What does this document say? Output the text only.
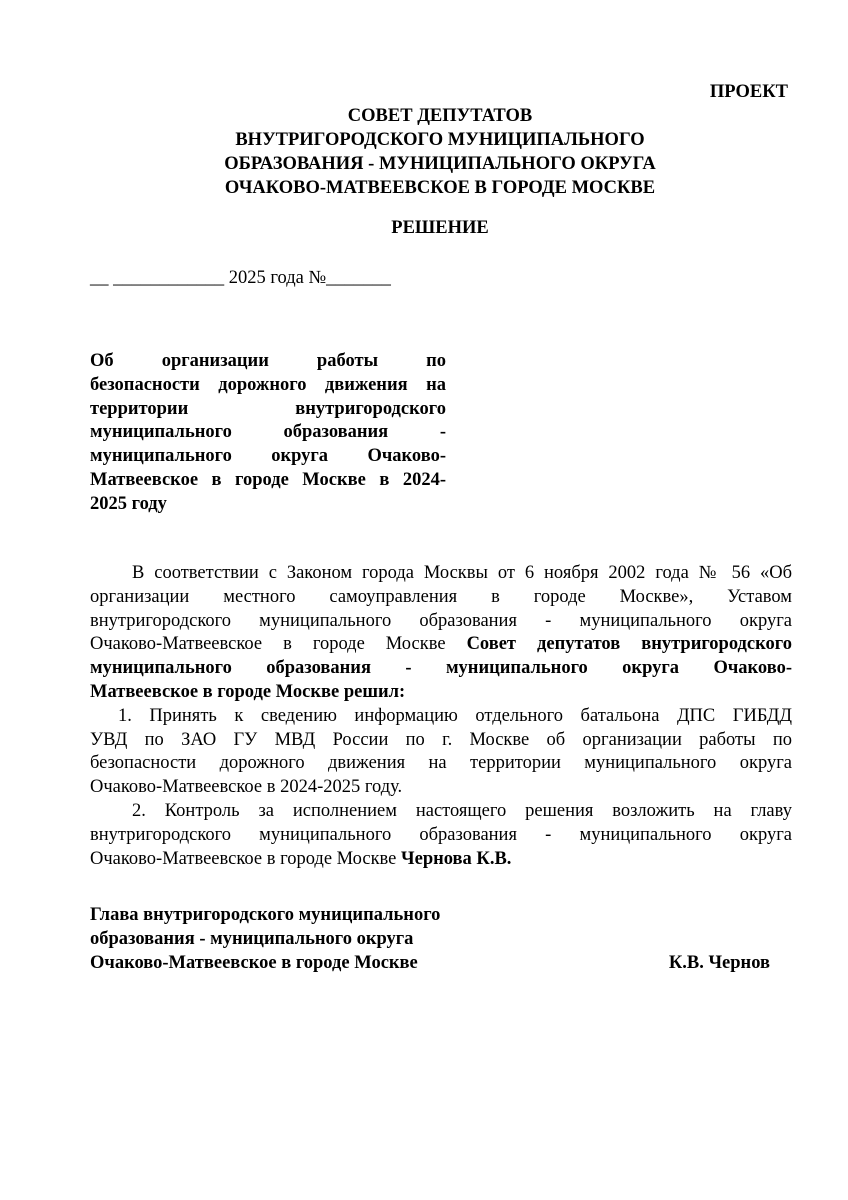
ПРОЕКТ
СОВЕТ ДЕПУТАТОВ
ВНУТРИГОРОДСКОГО МУНИЦИПАЛЬНОГО
ОБРАЗОВАНИЯ - МУНИЦИПАЛЬНОГО ОКРУГА
ОЧАКОВО-МАТВЕЕВСКОЕ В ГОРОДЕ МОСКВЕ
РЕШЕНИЕ
__ ____________ 2025 года №_______
Об организации работы по
безопасности дорожного движения на
территории внутригородского
муниципального образования -
муниципального округа Очаково-
Матвеевское в городе Москве в 2024-
2025 году
В соответствии с Законом города Москвы от 6 ноября 2002 года № 56 «Об
организации местного самоуправления в городе Москве», Уставом
внутригородского муниципального образования - муниципального округа
Очаково-Матвеевское в городе Москве Совет депутатов внутригородского
муниципального образования - муниципального округа Очаково-
Матвеевское в городе Москве решил:
1. Принять к сведению информацию отдельного батальона ДПС ГИБДД
УВД по ЗАО ГУ МВД России по г. Москве об организации работы по
безопасности дорожного движения на территории муниципального округа
Очаково-Матвеевское в 2024-2025 году.
2. Контроль за исполнением настоящего решения возложить на главу
внутригородского муниципального образования - муниципального округа
Очаково-Матвеевское в городе Москве Чернова К.В.
Глава внутригородского муниципального
образования - муниципального округа
Очаково-Матвеевское в городе Москве	К.В. Чернов
